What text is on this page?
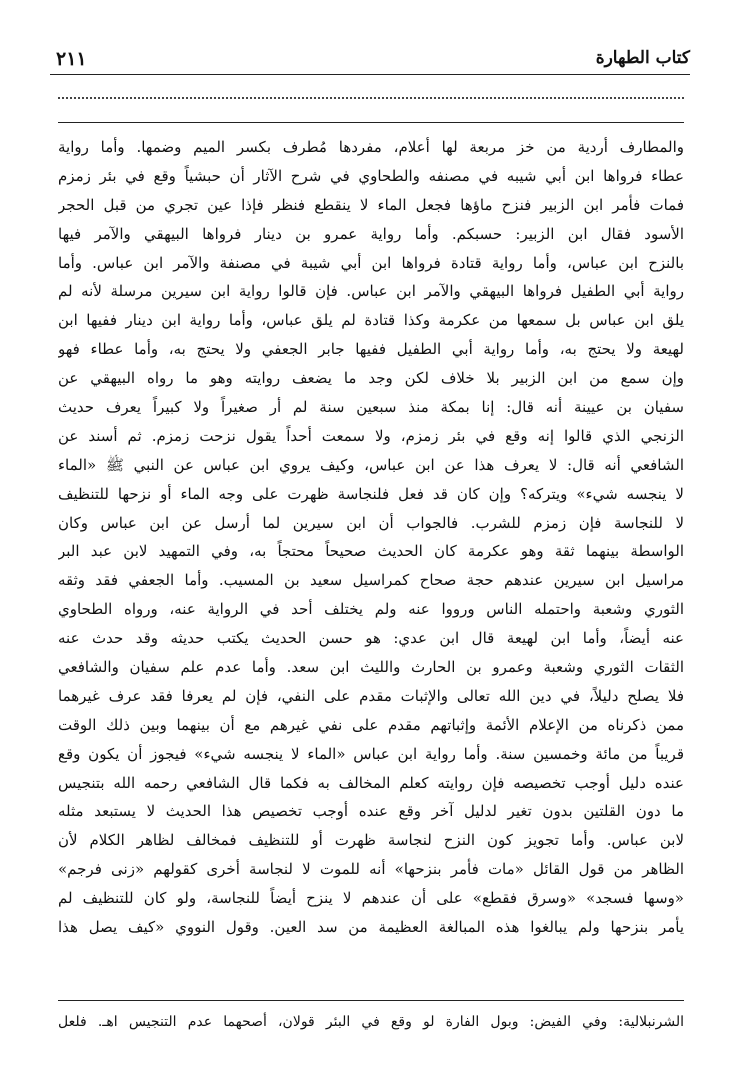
٢١١	كتاب الطهارة
والمطارف أردية من خز مربعة لها أعلام، مفردها مُطرف بكسر الميم وضمها. وأما رواية
عطاء فرواها ابن أبي شيبه في مصنفه والطحاوي في شرح الآثار أن حبشياً وقع في بئر زمزم
فمات فأمر ابن الزبير فنزح ماؤها فجعل الماء لا ينقطع فنظر فإذا عين تجري من قبل الحجر
الأسود فقال ابن الزبير: حسبكم. وأما رواية عمرو بن دينار فرواها البيهقي والآمر فيها
بالنزح ابن عباس، وأما رواية قتادة فرواها ابن أبي شيبة في مصنفة والآمر ابن عباس. وأما
رواية أبي الطفيل فرواها البيهقي والآمر ابن عباس. فإن قالوا رواية ابن سيرين مرسلة لأنه لم
يلق ابن عباس بل سمعها من عكرمة وكذا قتادة لم يلق عباس، وأما رواية ابن دينار ففيها ابن
لهيعة ولا يحتج به، وأما رواية أبي الطفيل ففيها جابر الجعفي ولا يحتج به، وأما عطاء فهو
وإن سمع من ابن الزبير بلا خلاف لكن وجد ما يضعف روايته وهو ما رواه البيهقي عن
سفيان بن عيينة أنه قال: إنا بمكة منذ سبعين سنة لم أر صغيراً ولا كبيراً يعرف حديث
الزنجي الذي قالوا إنه وقع في بئر زمزم، ولا سمعت أحداً يقول نزحت زمزم. ثم أسند عن
الشافعي أنه قال: لا يعرف هذا عن ابن عباس، وكيف يروي ابن عباس عن النبي ﷺ «الماء
لا ينجسه شيء» ويتركه؟ وإن كان قد فعل فلنجاسة ظهرت على وجه الماء أو نزحها للتنظيف
لا للنجاسة فإن زمزم للشرب. فالجواب أن ابن سيرين لما أرسل عن ابن عباس وكان
الواسطة بينهما ثقة وهو عكرمة كان الحديث صحيحاً محتجاً به، وفي التمهيد لابن عبد البر
مراسيل ابن سيرين عندهم حجة صحاح كمراسيل سعيد بن المسيب. وأما الجعفي فقد وثقه
الثوري وشعبة واحتمله الناس ورووا عنه ولم يختلف أحد في الرواية عنه، ورواه الطحاوي
عنه أيضاً، وأما ابن لهيعة قال ابن عدي: هو حسن الحديث يكتب حديثه وقد حدث عنه
الثقات الثوري وشعبة وعمرو بن الحارث والليث ابن سعد. وأما عدم علم سفيان والشافعي
فلا يصلح دليلاً، في دين الله تعالى والإثبات مقدم على النفي، فإن لم يعرفا فقد عرف غيرهما
ممن ذكرناه من الإعلام الأئمة وإثباتهم مقدم على نفي غيرهم مع أن بينهما وبين ذلك الوقت
قريباً من مائة وخمسين سنة. وأما رواية ابن عباس «الماء لا ينجسه شيء» فيجوز أن يكون وقع
عنده دليل أوجب تخصيصه فإن روايته كعلم المخالف به فكما قال الشافعي رحمه الله بتنجيس
ما دون القلتين بدون تغير لدليل آخر وقع عنده أوجب تخصيص هذا الحديث لا يستبعد مثله
لابن عباس. وأما تجويز كون النزح لنجاسة ظهرت أو للتنظيف فمخالف لظاهر الكلام لأن
الظاهر من قول القائل «مات فأمر بنزحها» أنه للموت لا لنجاسة أخرى كقولهم «زنى فرجم»
«وسها فسجد» «وسرق فقطع» على أن عندهم لا ينزح أيضاً للنجاسة، ولو كان للتنظيف لم
يأمر بنزحها ولم يبالغوا هذه المبالغة العظيمة من سد العين. وقول النووي «كيف يصل هذا
الشرنبلالية: وفي الفيض: وبول الفارة لو وقع في البئر قولان، أصحهما عدم التنجيس اهـ. فلعل
